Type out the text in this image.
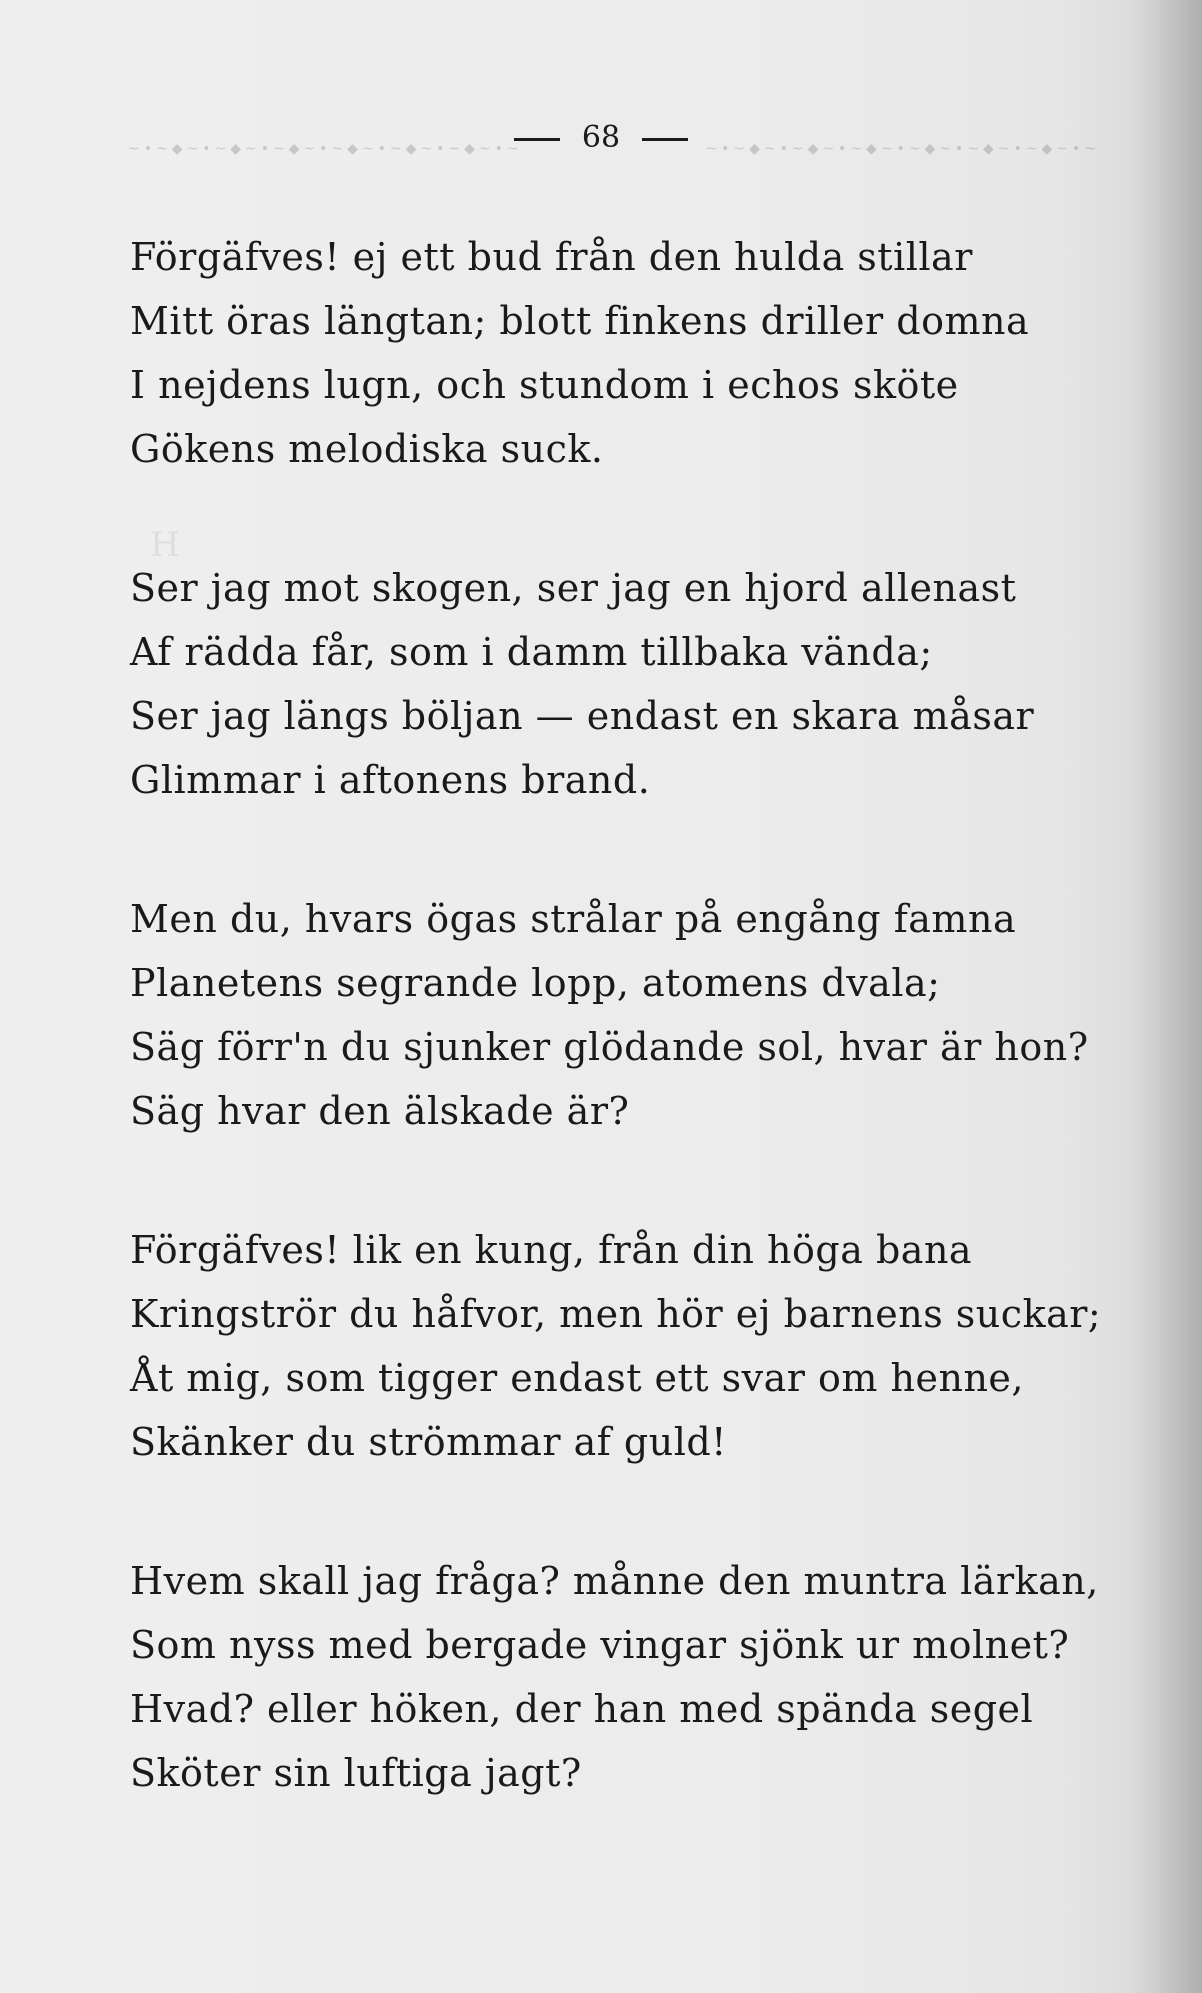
~•~◆~•~◆~•~◆~•~◆~•~◆~•~◆~•~	~•~◆~•~◆~•~◆~•~◆~•~◆~•~◆~•~
68
H
Förgäfves! ej ett bud från den hulda stillar
Mitt öras längtan; blott finkens driller domna
I nejdens lugn, och stundom i echos sköte
Gökens melodiska suck.
Ser jag mot skogen, ser jag en hjord allenast
Af rädda får, som i damm tillbaka vända;
Ser jag längs böljan — endast en skara måsar
Glimmar i aftonens brand.
Men du, hvars ögas strålar på engång famna
Planetens segrande lopp, atomens dvala;
Säg förr'n du sjunker glödande sol, hvar är hon?
Säg hvar den älskade är?
Förgäfves! lik en kung, från din höga bana
Kringströr du håfvor, men hör ej barnens suckar;
Åt mig, som tigger endast ett svar om henne,
Skänker du strömmar af guld!
Hvem skall jag fråga? månne den muntra lärkan,
Som nyss med bergade vingar sjönk ur molnet?
Hvad? eller höken, der han med spända segel
Sköter sin luftiga jagt?
